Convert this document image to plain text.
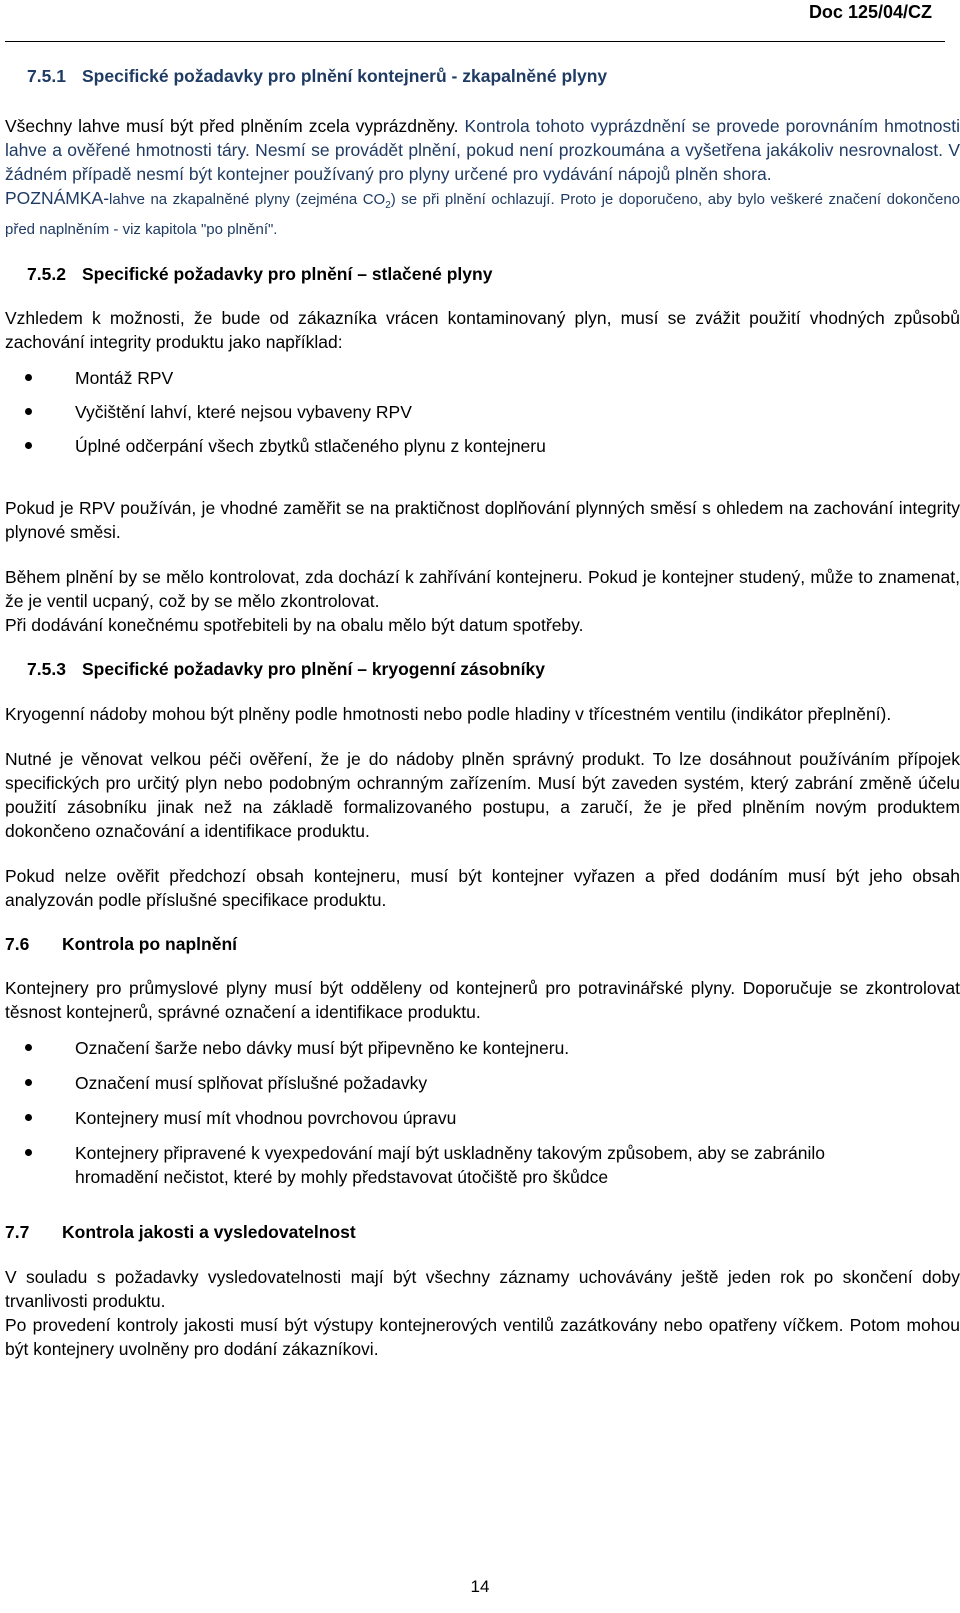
Doc 125/04/CZ
7.5.1 Specifické požadavky pro plnění kontejnerů - zkapalněné plyny

Všechny lahve musí být před plněním zcela vyprázdněny. Kontrola tohoto vyprázdnění se provede porovnáním hmotnosti lahve a ověřené hmotnosti táry. Nesmí se provádět plnění, pokud není prozkoumána a vyšetřena jakákoliv nesrovnalost. V žádném případě nesmí být kontejner používaný pro plyny určené pro vydávání nápojů plněn shora.

POZNÁMKA-lahve na zkapalněné plyny (zejména $CO_2$) se při plnění ochlazují. Proto je doporučeno, aby bylo veškeré značení dokončeno před naplněním - viz kapitola "po plnění".

7.5.2 Specifické požadavky pro plnění – stlačené plyny

Vzhledem k možnosti, že bude od zákazníka vrácen kontaminovaný plyn, musí se zvážit použití vhodných způsobů zachování integrity produktu jako například:

Montáž RPV
Vyčištění lahví, které nejsou vybaveny RPV
Úplné odčerpání všech zbytků stlačeného plynu z kontejneru

Pokud je RPV používán, je vhodné zaměřit se na praktičnost doplňování plynných směsí s ohledem na zachování integrity plynové směsi.

Během plnění by se mělo kontrolovat, zda dochází k zahřívání kontejneru. Pokud je kontejner studený, může to znamenat, že je ventil ucpaný, což by se mělo zkontrolovat.

Při dodávání konečnému spotřebiteli by na obalu mělo být datum spotřeby.

7.5.3 Specifické požadavky pro plnění – kryogenní zásobníky

Kryogenní nádoby mohou být plněny podle hmotnosti nebo podle hladiny v třícestném ventilu (indikátor přeplnění).

Nutné je věnovat velkou péči ověření, že je do nádoby plněn správný produkt. To lze dosáhnout používáním přípojek specifických pro určitý plyn nebo podobným ochranným zařízením. Musí být zaveden systém, který zabrání změně účelu použití zásobníku jinak než na základě formalizovaného postupu, a zaručí, že je před plněním novým produktem dokončeno označování a identifikace produktu.

Pokud nelze ověřit předchozí obsah kontejneru, musí být kontejner vyřazen a před dodáním musí být jeho obsah analyzován podle příslušné specifikace produktu.

7.6 Kontrola po naplnění

Kontejnery pro průmyslové plyny musí být odděleny od kontejnerů pro potravinářské plyny. Doporučuje se zkontrolovat těsnost kontejnerů, správné označení a identifikace produktu.

Označení šarže nebo dávky musí být připevněno ke kontejneru.
Označení musí splňovat příslušné požadavky
Kontejnery musí mít vhodnou povrchovou úpravu
Kontejnery připravené k vyexpedování mají být uskladněny takovým způsobem, aby se zabránilo hromadění nečistot, které by mohly představovat útočiště pro škůdce
7.7 Kontrola jakosti a vysledovatelnost

V souladu s požadavky vysledovatelnosti mají být všechny záznamy uchovávány ještě jeden rok po skončení doby trvanlivosti produktu.

Po provedení kontroly jakosti musí být výstupy kontejnerových ventilů zazátkovány nebo opatřeny víčkem. Potom mohou být kontejnery uvolněny pro dodání zákazníkovi.

14
